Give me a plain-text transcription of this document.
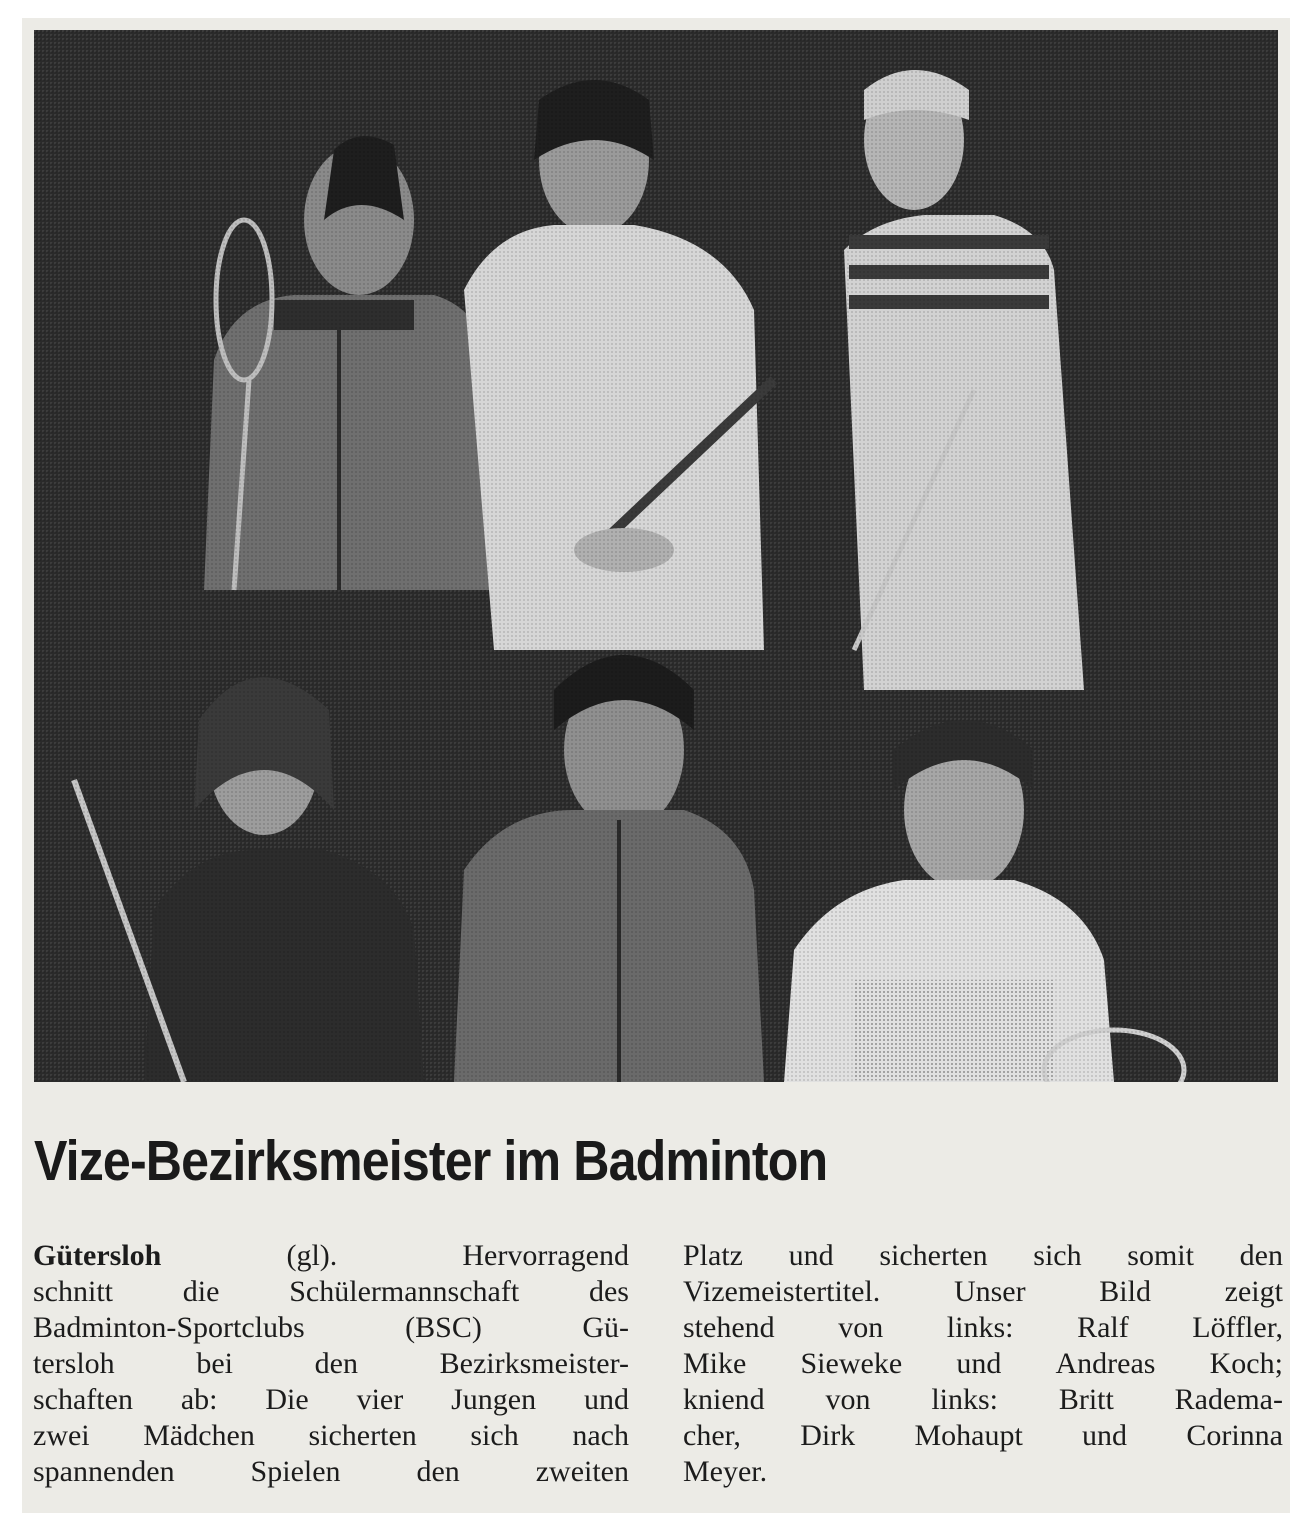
Vize-Bezirksmeister im Badminton
Gütersloh	(gl).	Hervorragend
schnitt die Schülermannschaft des
Badminton-Sportclubs	(BSC)	Gü-
tersloh	bei	den	Bezirksmeister-
schaften ab: Die vier Jungen und
zwei Mädchen sicherten sich nach
spannenden	Spielen	den	zweiten
Platz und sicherten sich somit den
Vizemeistertitel. Unser Bild zeigt
stehend von links: Ralf Löffler,
Mike Sieweke und Andreas Koch;
kniend von links: Britt Radema-
cher, Dirk Mohaupt und Corinna
Meyer.
